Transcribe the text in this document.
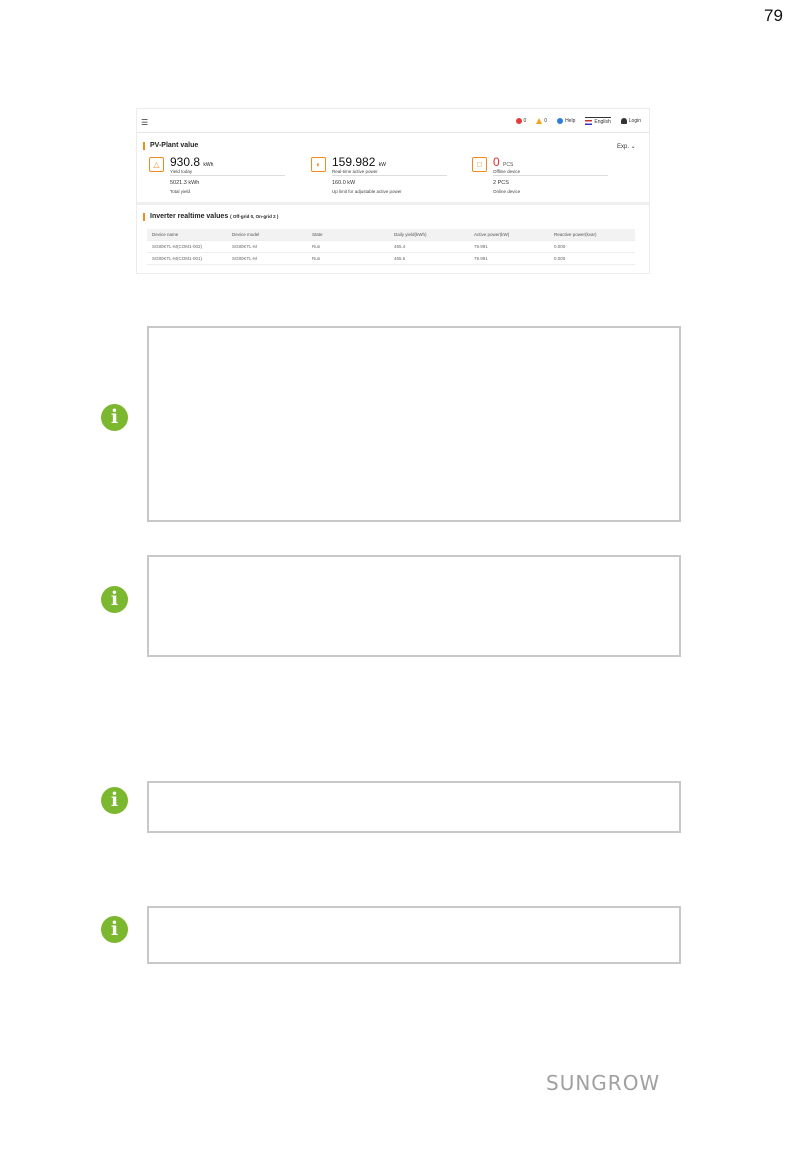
79
☰	0	0	Help	English	Login
PV-Plant value	Exp. ⌄
△ 930.8 kWh
Yield today
5021.3 kWh
Total yield
◐ 159.982 kW
Real-time active power
160.0 kW
Up limit for adjustable active power
□ 0 PCS
Offline device
2 PCS
Online device
Inverter realtime values ( Off-grid 0, On-grid 2 )
Device name	Device model	State	Daily yield(kWh)	Active power(kW)	Reactive power(kvar)
SG80KTL-M(COM1-002)	SG80KTL-M	Run	465.4	79.991	0.000
SG80KTL-M(COM1-001)	SG80KTL-M	Run	465.5	79.991	0.000
i
i
i
i
SUNGROW
